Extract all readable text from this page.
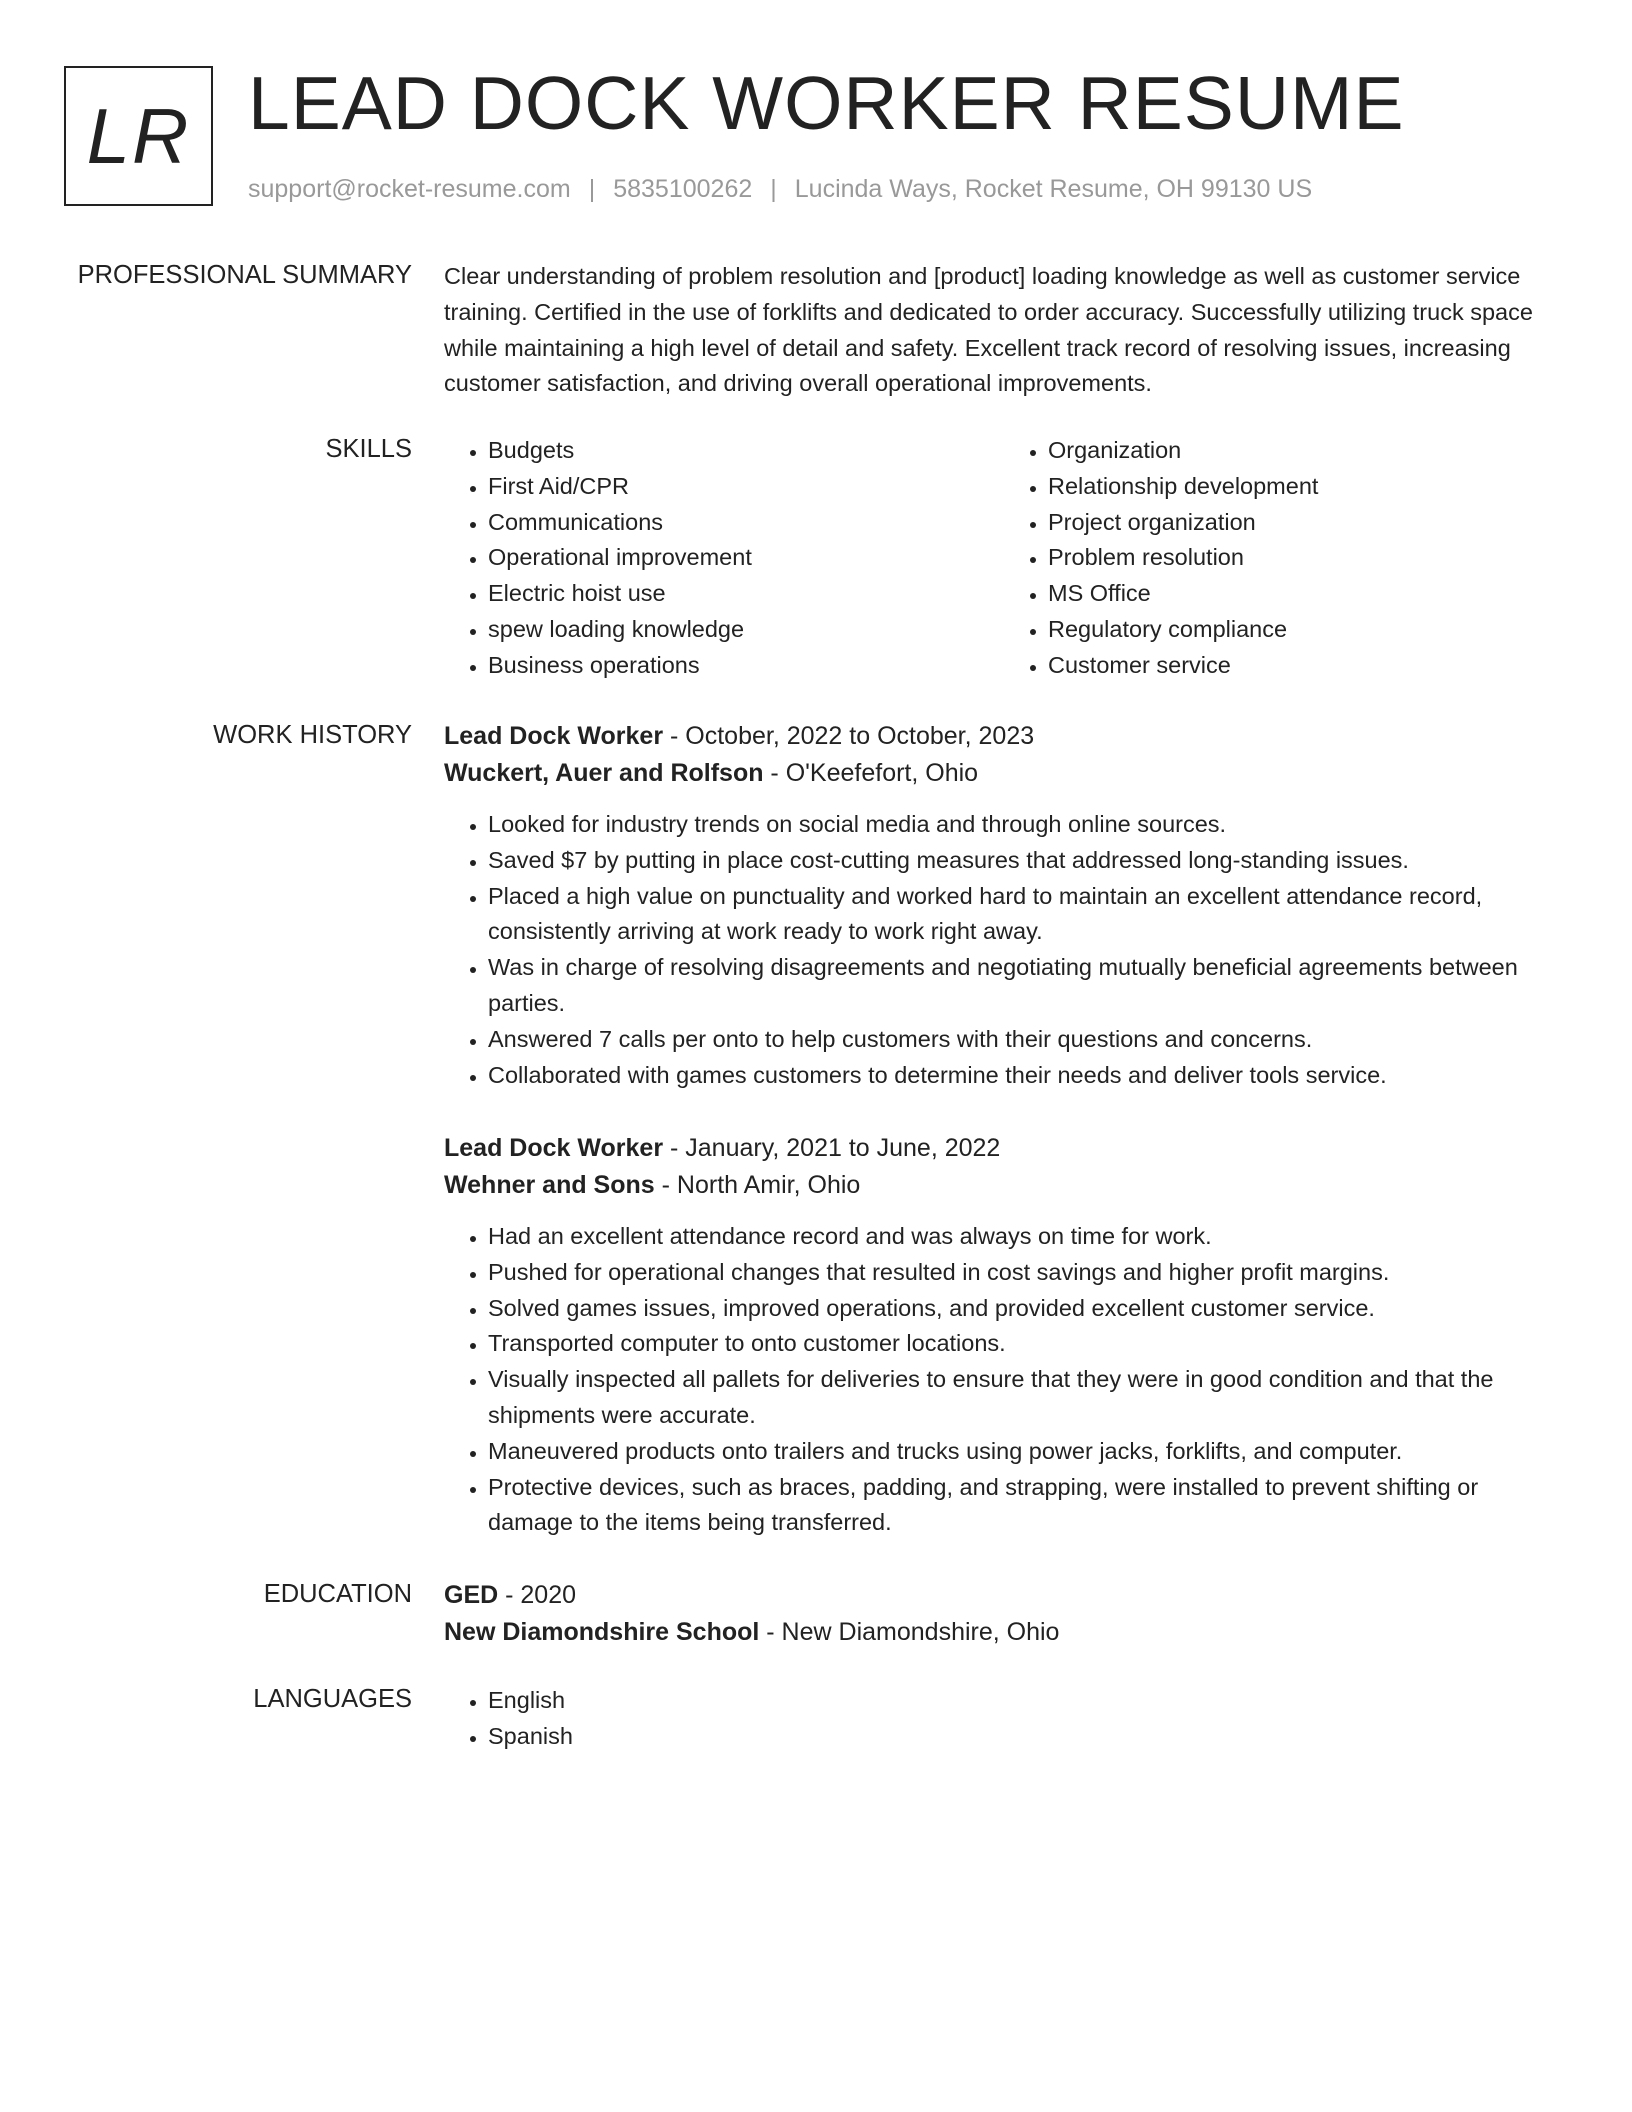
LR LEAD DOCK WORKER RESUME
support@rocket-resume.com | 5835100262 | Lucinda Ways, Rocket Resume, OH 99130 US
PROFESSIONAL SUMMARY Clear understanding of problem resolution and [product] loading knowledge as well as customer service training. Certified in the use of forklifts and dedicated to order accuracy. Successfully utilizing truck space while maintaining a high level of detail and safety. Excellent track record of resolving issues, increasing customer satisfaction, and driving overall operational improvements.
SKILLS	• Budgets
• First Aid/CPR
• Communications
• Operational improvement
• Electric hoist use
• spew loading knowledge
• Business operations
• Organization
• Relationship development
• Project organization
• Problem resolution
• MS Office
• Regulatory compliance
• Customer service
WORK HISTORY Lead Dock Worker - October, 2022 to October, 2023
Wuckert, Auer and Rolfson - O'Keefefort, Ohio
• Looked for industry trends on social media and through online sources.
• Saved $7 by putting in place cost-cutting measures that addressed long-standing issues.
• Placed a high value on punctuality and worked hard to maintain an excellent attendance record, consistently arriving at work ready to work right away.
• Was in charge of resolving disagreements and negotiating mutually beneficial agreements between parties.
• Answered 7 calls per onto to help customers with their questions and concerns.
• Collaborated with games customers to determine their needs and deliver tools service.
Lead Dock Worker - January, 2021 to June, 2022
Wehner and Sons - North Amir, Ohio
• Had an excellent attendance record and was always on time for work.
• Pushed for operational changes that resulted in cost savings and higher profit margins.
• Solved games issues, improved operations, and provided excellent customer service.
• Transported computer to onto customer locations.
• Visually inspected all pallets for deliveries to ensure that they were in good condition and that the shipments were accurate.
• Maneuvered products onto trailers and trucks using power jacks, forklifts, and computer.
• Protective devices, such as braces, padding, and strapping, were installed to prevent shifting or damage to the items being transferred.
EDUCATION GED - 2020
New Diamondshire School - New Diamondshire, Ohio
LANGUAGES	• English
• Spanish
